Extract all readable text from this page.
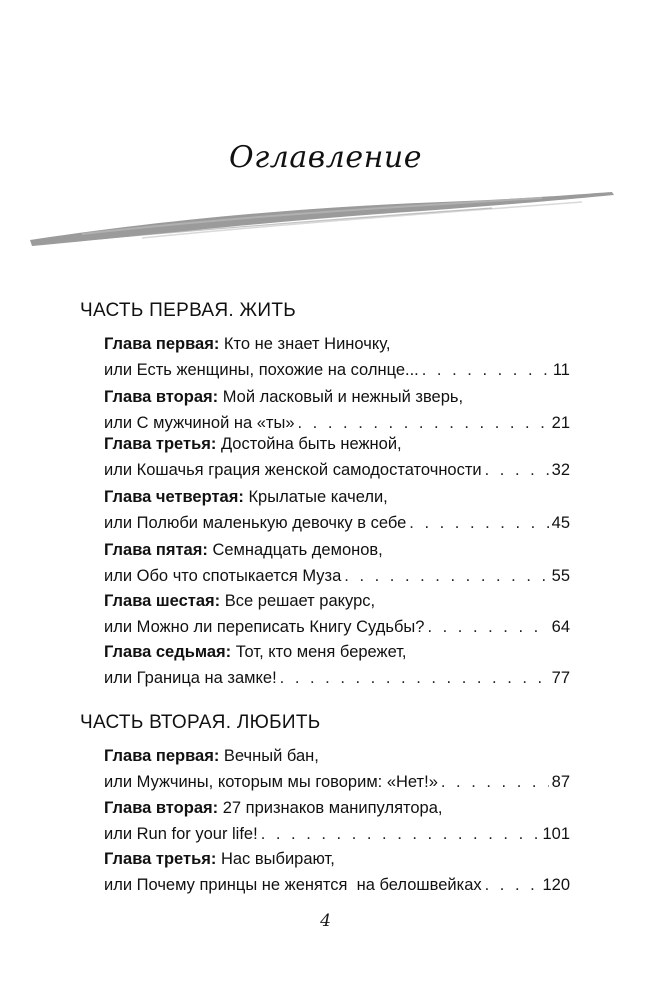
Оглавление
ЧАСТЬ ПЕРВАЯ. ЖИТЬ
Глава первая: Кто не знает Ниночку,
или Есть женщины, похожие на солнце... . . .	11
Глава вторая: Мой ласковый и нежный зверь,
или С мужчиной на «ты» . . .	21
Глава третья: Достойна быть нежной,
или Кошачья грация женской самодостаточности . . .	32
Глава четвертая: Крылатые качели,
или Полюби маленькую девочку в себе . . .	45
Глава пятая: Семнадцать демонов,
или Обо что спотыкается Муза . . .	55
Глава шестая: Все решает ракурс,
или Можно ли переписать Книгу Судьбы? . . .	64
Глава седьмая: Тот, кто меня бережет,
или Граница на замке! . . .	77
ЧАСТЬ ВТОРАЯ. ЛЮБИТЬ
Глава первая: Вечный бан,
или Мужчины, которым мы говорим: «Нет!» . . .	87
Глава вторая: 27 признаков манипулятора,
или Run for your life! . . .	101
Глава третья: Нас выбирают,
или Почему принцы не женятся  на белошвейках . . .	120
4
